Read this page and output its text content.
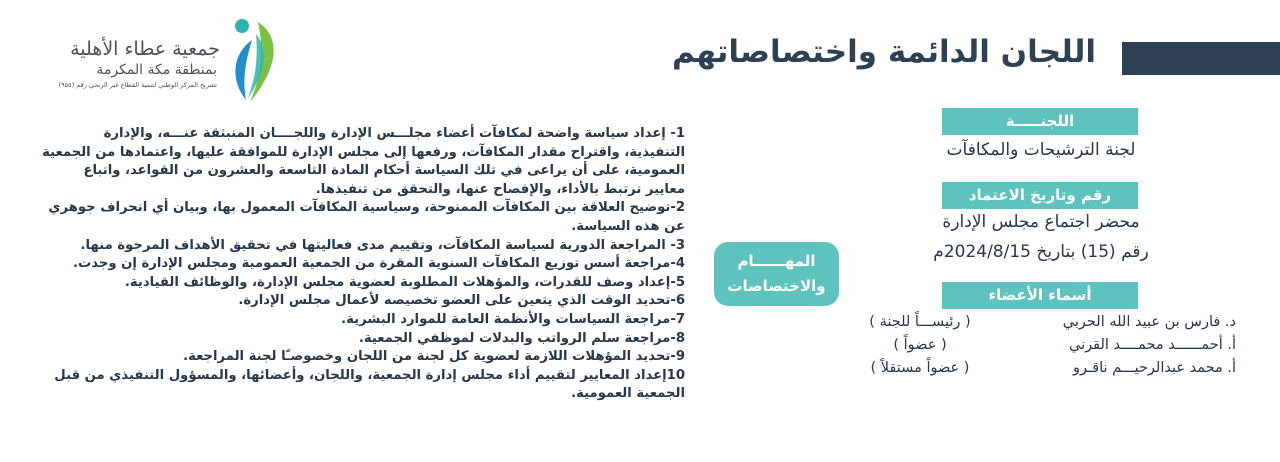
اللجان الدائمة واختصاصاتهم

جمعية عطاء الأهلية

بمنطقة مكة المكرمة
تصريح المركز الوطني لتنمية القطاع غير الربحي رقم (٩٥٥)
اللجنـــــة
لجنة الترشيحات والمكافآت
رقم وتاريخ الاعتماد
محضر اجتماع مجلس الإدارة
رقم (15) بتاريخ 2024/8/15م
أسماء الأعضاء
د. فارس بن عبيد الله الحربي
( رئيســـاً للجنة )
أ. أحمــــــد محمــــد القرني
( عضواً )
أ. محمد عبدالرحيـــم ناقـرو
( عضواً مستقلاً )
المهــــــام
والاختصاصات
1- إعداد سياسة واضحة لمكافآت أعضاء مجلـــس الإدارة واللجــــان المنبثقة عنـــه، والإدارة التنفيذية، واقتراح مقدار المكافآت، ورفعها إلى مجلس الإدارة للموافقة عليها، واعتمادها من الجمعية العمومية، على أن يراعى في تلك السياسة أحكام المادة التاسعة والعشرون من القواعد، واتباع معايير ترتبط بالأداء، والإفصاح عنها، والتحقق من تنفيذها.
2-توضيح العلاقة بين المكافآت الممنوحة، وسياسية المكافآت المعمول بها، وبيان أي انحراف جوهري عن هذه السياسة.
3- المراجعة الدورية لسياسة المكافآت، وتقييم مدى فعاليتها في تحقيق الأهداف المرجوة منها.
4-مراجعة أسس توزيع المكافآت السنوية المقرة من الجمعية العمومية ومجلس الإدارة إن وجدت.
5-إعداد وصف للقدرات، والمؤهلات المطلوبة لعضوية مجلس الإدارة، والوظائف القيادية.
6-تحديد الوقت الذي يتعين على العضو تخصيصه لأعمال مجلس الإدارة.
7-مراجعة السياسات والأنظمة العامة للموارد البشرية.
8-مراجعة سلم الرواتب والبدلات لموظفي الجمعية.
9-تحديد المؤهلات اللازمة لعضوية كل لجنة من اللجان وخصوصـًا لجنة المراجعة.
10إعداد المعايير لتقييم أداء مجلس إدارة الجمعية، واللجان، وأعضائها، والمسؤول التنفيذي من قبل الجمعية العمومية.
